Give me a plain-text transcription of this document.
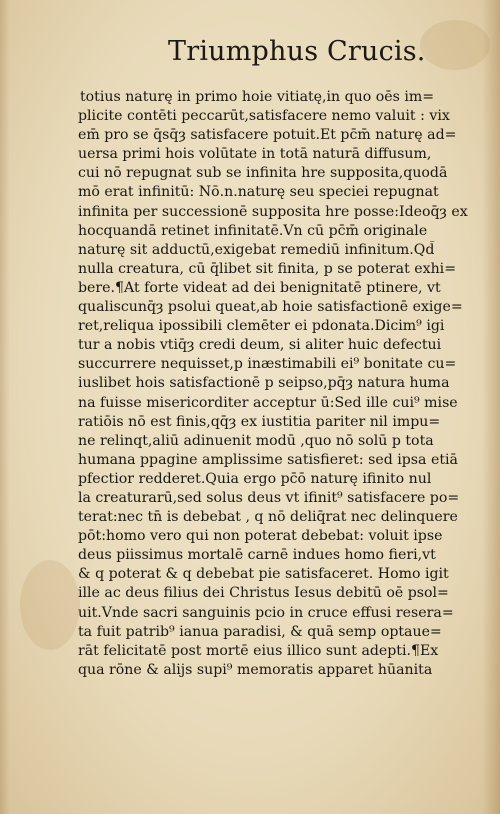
Triumphus Crucis.
totius naturę in primo hoie vitiatę,in quo oēs im=
plicite contēti peccarūt,satisfacere nemo valuit : vix
em̄ pro se q̄sq̄ȝ satisfacere potuit.Et pc̄m̄ naturę ad=
uersa primi hois volūtate in totā naturā diffusum,
cui nō repugnat sub se infinita hre supposita,quodā
mō erat infinitū: Nō.n.naturę seu speciei repugnat
infinita per successionē supposita hre posse:Ideoq̄ȝ ex
hocquandā retinet infinitatē.Vn cū pc̄m̄ originale
naturę sit adductū,exigebat remediū infinitum.Qd̄
nulla creatura, cū q̄libet sit finita, p se poterat exhi=
bere.¶At forte videat ad dei benignitatē ptinere, vt
qualiscunq̄ȝ psolui queat,ab hoie satisfactionē exige=
ret,reliqua ipossibili clemēter ei pdonata.Dicim⁹ igi
tur a nobis vtiq̄ȝ credi deum, si aliter huic defectui
succurrere nequisset,p inæstimabili ei⁹ bonitate cu=
iuslibet hois satisfactionē p seipso,pq̄ȝ natura huma
na fuisse misericorditer acceptur ū:Sed ille cui⁹ mise
ratiōis nō est finis,qq̄ȝ ex iustitia pariter nil impu=
ne relinqt,aliū adinuenit modū ,quo nō solū p tota
humana ppagine amplissime satisfieret: sed ipsa etiā
pfectior redderet.Quia ergo pc̄ō naturę ifinito nul
la creaturarū,sed solus deus vt ifinit⁹ satisfacere po=
terat:nec tn̄ is debebat , q nō deliq̄rat nec delinquere
pōt:homo vero qui non poterat debebat: voluit ipse
deus piissimus mortalē carnē indues homo fieri,vt
& q poterat & q debebat pie satisfaceret. Homo igit
ille ac deus filius dei Christus Iesus debitū oē psol=
uit.Vnde sacri sanguinis pcio in cruce effusi resera=
ta fuit patrib⁹ ianua paradisi, & quā semp optaue=
rāt felicitatē post mortē eius illico sunt adepti.¶Ex
qua rōne & alijs supi⁹ memoratis apparet hūanita
